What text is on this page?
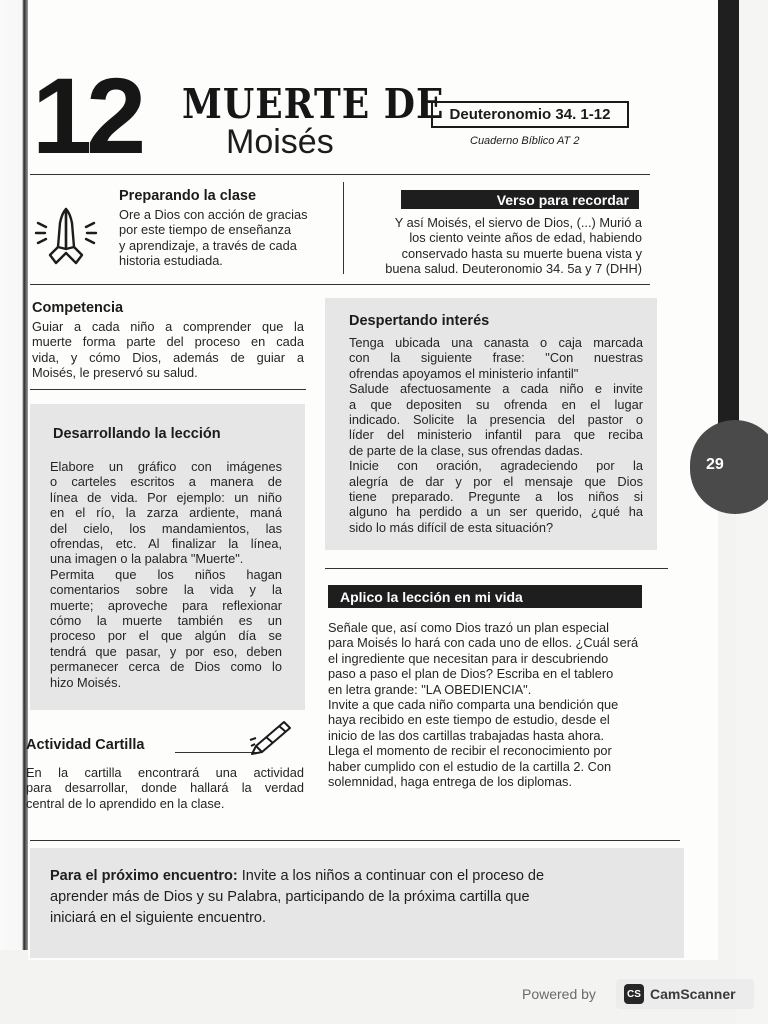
12 MUERTE DE
Moisés
Deuteronomio 34. 1-12
Cuaderno Bíblico AT 2
Preparando la clase
Ore a Dios con acción de gracias
por este tiempo de enseñanza
y aprendizaje, a través de cada
historia estudiada.
Verso para recordar
Y así Moisés, el siervo de Dios, (...) Murió a
los ciento veinte años de edad, habiendo
conservado hasta su muerte buena vista y
buena salud. Deuteronomio 34. 5a y 7 (DHH)
Competencia
Guiar a cada niño a comprender que la
muerte forma parte del proceso en cada
vida, y cómo Dios, además de guiar a
Moisés, le preservó su salud.
Despertando interés
Tenga ubicada una canasta o caja marcada
con la siguiente frase: "Con nuestras
ofrendas apoyamos el ministerio infantil"
Salude afectuosamente a cada niño e invite
a que depositen su ofrenda en el lugar
indicado. Solicite la presencia del pastor o
líder del ministerio infantil para que reciba
de parte de la clase, sus ofrendas dadas.
Inicie con oración, agradeciendo por la
alegría de dar y por el mensaje que Dios
tiene preparado. Pregunte a los niños si
alguno ha perdido a un ser querido, ¿qué ha
sido lo más difícil de esta situación?
Desarrollando la lección
Elabore un gráfico con imágenes
o carteles escritos a manera de
línea de vida. Por ejemplo: un niño
en el río, la zarza ardiente, maná
del cielo, los mandamientos, las
ofrendas, etc. Al finalizar la línea,
una imagen o la palabra "Muerte".
Permita que los niños hagan
comentarios sobre la vida y la
muerte; aproveche para reflexionar
cómo la muerte también es un
proceso por el que algún día se
tendrá que pasar, y por eso, deben
permanecer cerca de Dios como lo
hizo Moisés.
Aplico la lección en mi vida
Señale que, así como Dios trazó un plan especial
para Moisés lo hará con cada uno de ellos. ¿Cuál será
el ingrediente que necesitan para ir descubriendo
paso a paso el plan de Dios? Escriba en el tablero
en letra grande: "LA OBEDIENCIA".
Invite a que cada niño comparta una bendición que
haya recibido en este tiempo de estudio, desde el
inicio de las dos cartillas trabajadas hasta ahora.
Llega el momento de recibir el reconocimiento por
haber cumplido con el estudio de la cartilla 2. Con
solemnidad, haga entrega de los diplomas.
Actividad Cartilla
En la cartilla encontrará una actividad
para desarrollar, donde hallará la verdad
central de lo aprendido en la clase.
Para el próximo encuentro: Invite a los niños a continuar con el proceso de
aprender más de Dios y su Palabra, participando de la próxima cartilla que
iniciará en el siguiente encuentro.
29
Powered by	CS CamScanner
